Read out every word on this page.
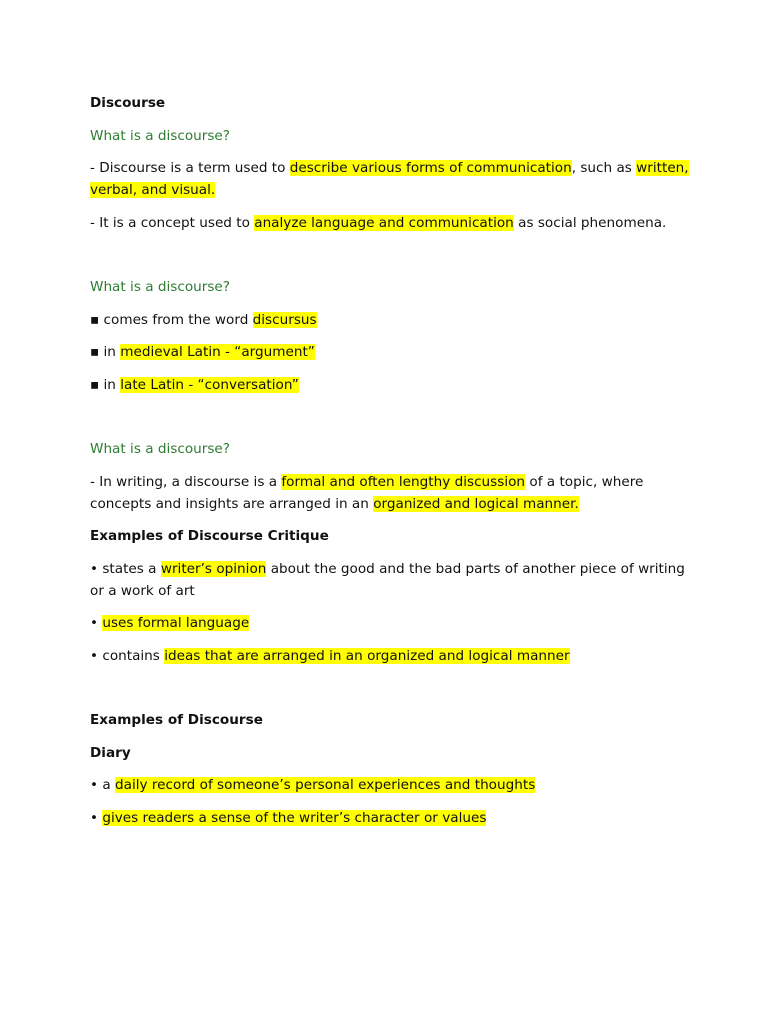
Discourse
What is a discourse?
- Discourse is a term used to describe various forms of communication, such as written, verbal, and visual.
- It is a concept used to analyze language and communication as social phenomena.
What is a discourse?
▪ comes from the word discursus
▪ in medieval Latin - “argument”
▪ in late Latin - “conversation”
What is a discourse?
- In writing, a discourse is a formal and often lengthy discussion of a topic, where concepts and insights are arranged in an organized and logical manner.
Examples of Discourse Critique
• states a writer’s opinion about the good and the bad parts of another piece of writing or a work of art
• uses formal language
• contains ideas that are arranged in an organized and logical manner
Examples of Discourse
Diary
• a daily record of someone’s personal experiences and thoughts
• gives readers a sense of the writer’s character or values
